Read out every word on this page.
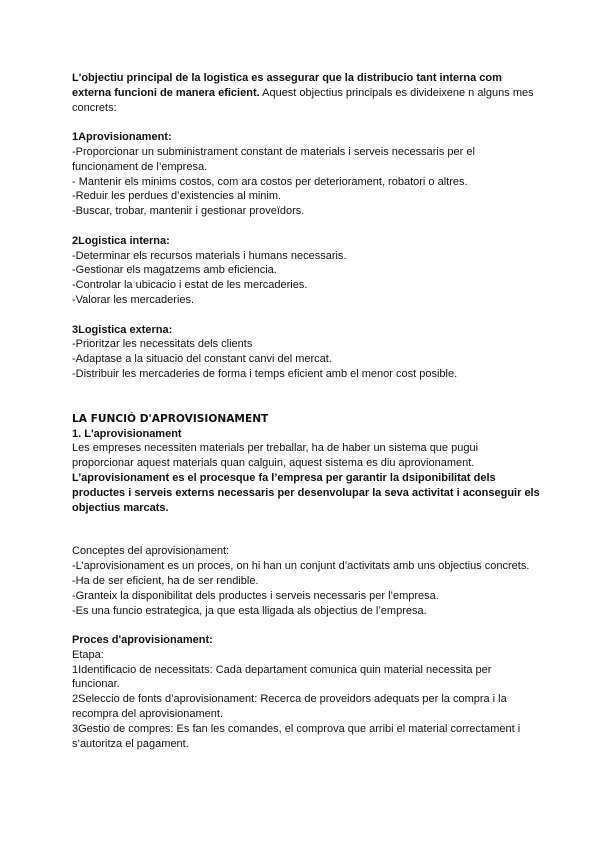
L'objectiu principal de la logistica es assegurar que la distribucio tant interna com externa funcioni de manera eficient. Aquest objectius principals es divideixene n alguns mes concrets:

1Aprovisionament:

-Proporcionar un subministrament constant de materials i serveis necessaris per el funcionament de l’empresa.

- Mantenir els minims costos, com ara costos per deteriorament, robatori o altres.

-Reduir les perdues d’existencies al minim.

-Buscar, trobar, mantenir i gestionar proveïdors.

2Logistica interna:

-Determinar els recursos materials i humans necessaris.

-Gestionar els magatzems amb eficiencia.

-Controlar la ubicacio i estat de les mercaderies.

-Valorar les mercaderies.

3Logistica externa:

-Prioritzar les necessitats dels clients

-Adaptase a la situacio del constant canvi del mercat.

-Distribuir les mercaderies de forma i temps eficient amb el menor cost posible.

LA FUNCIÓ D'APROVISIONAMENT

1. L'aprovisionament

Les empreses necessiten materials per treballar, ha de haber un sistema que pugui proporcionar aquest materials quan calguin, aquest sistema es diu aprovionament.

L’aprovisionament es el procesque fa l’empresa per garantir la dsiponibilitat dels productes i serveis externs necessaris per desenvolupar la seva activitat i aconseguir els objectius marcats.

Conceptes del aprovisionament:

-L’aprovisionament es un proces, on hi han un conjunt d’activitats amb uns objectius concrets.

-Ha de ser eficient, ha de ser rendible.

-Granteix la disponibilitat dels productes i serveis necessaris per l’empresa.

-Es una funcio estrategica, ja que esta lligada als objectius de l’empresa.

Proces d'aprovisionament:

Etapa:

1Identificacio de necessitats: Cada departament comunica quin material necessita per funcionar.

2Seleccio de fonts d’aprovisionament: Recerca de proveidors adequats per la compra i la recompra del aprovisionament.

3Gestio de compres: Es fan les comandes, el comprova que arribi el material correctament i s’autoritza el pagament.
